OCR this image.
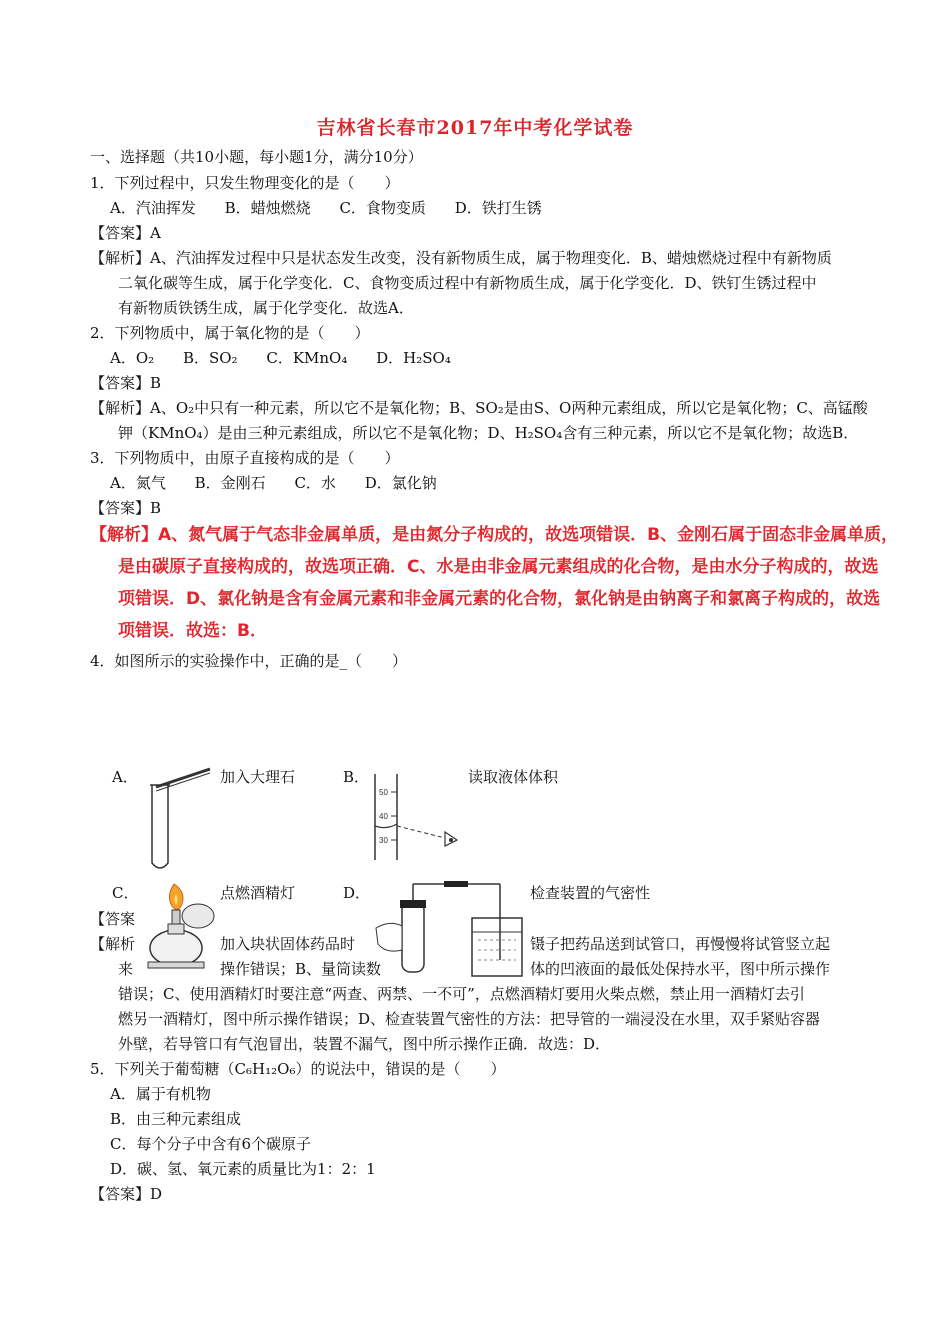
吉林省长春市2017年中考化学试卷
一、选择题（共10小题，每小题1分，满分10分）
1．下列过程中，只发生物理变化的是（　　）
A．汽油挥发 B．蜡烛燃烧 C．食物变质 D．铁打生锈
【答案】A
【解析】A、汽油挥发过程中只是状态发生改变，没有新物质生成，属于物理变化．B、蜡烛燃烧过程中有新物质
二氧化碳等生成，属于化学变化．C、食物变质过程中有新物质生成，属于化学变化．D、铁钉生锈过程中
有新物质铁锈生成，属于化学变化．故选A．
2．下列物质中，属于氧化物的是（　　）
A．O₂ B．SO₂ C．KMnO₄ D．H₂SO₄
【答案】B
【解析】A、O₂中只有一种元素，所以它不是氧化物；B、SO₂是由S、O两种元素组成，所以它是氧化物；C、高锰酸
钾（KMnO₄）是由三种元素组成，所以它不是氧化物；D、H₂SO₄含有三种元素，所以它不是氧化物；故选B．
3．下列物质中，由原子直接构成的是（　　）
A．氮气 B．金刚石 C．水 D．氯化钠
【答案】B
【解析】A、氮气属于气态非金属单质，是由氮分子构成的，故选项错误．B、金刚石属于固态非金属单质，
是由碳原子直接构成的，故选项正确．C、水是由非金属元素组成的化合物，是由水分子构成的，故选
项错误．D、氯化钠是含有金属元素和非金属元素的化合物，氯化钠是由钠离子和氯离子构成的，故选
项错误．故选：B．
4．如图所示的实验操作中，正确的是_（　　）
A．	加入大理石	B．
50
40
30
读取液体体积
C．	点燃酒精灯	D．	检查装置的气密性
【答案
【解析	加入块状固体药品时	镊子把药品送到试管口，再慢慢将试管竖立起
来	操作错误；B、量筒读数	体的凹液面的最低处保持水平，图中所示操作
错误；C、使用酒精灯时要注意“两查、两禁、一不可”，点燃酒精灯要用火柴点燃，禁止用一酒精灯去引
燃另一酒精灯，图中所示操作错误；D、检查装置气密性的方法：把导管的一端浸没在水里，双手紧贴容器
外壁，若导管口有气泡冒出，装置不漏气，图中所示操作正确．故选：D．
5．下列关于葡萄糖（C₆H₁₂O₆）的说法中，错误的是（　　）
A．属于有机物
B．由三种元素组成
C．每个分子中含有6个碳原子
D．碳、氢、氧元素的质量比为1：2：1
【答案】D
